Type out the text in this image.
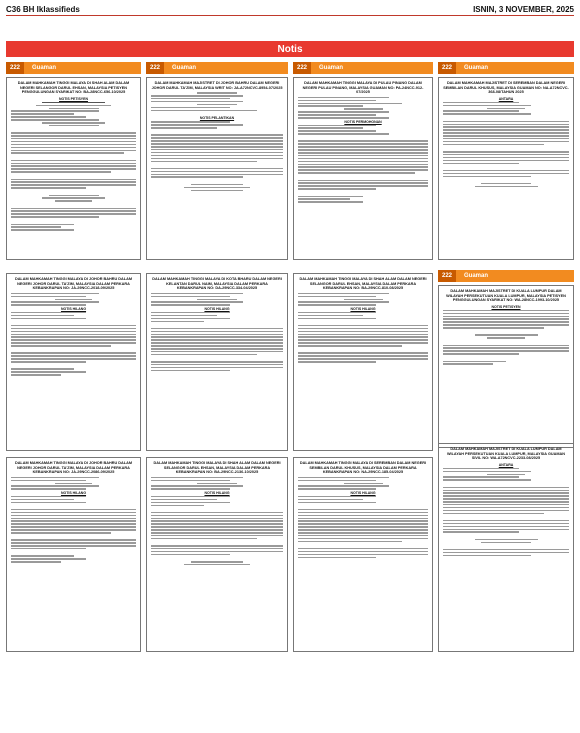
C36 BH Iklassifieds	ISNIN, 3 NOVEMBER, 2025
Notis
222	Guaman
DALAM MAHKAMAH TINGGI MALAYA DI SHAH ALAM DALAM NEGERI SELANGOR DARUL EHSAN, MALAYSIA PETISYEN PENGGULUNGAN SYARIKAT NO: BA-28NCC-656-10/2025
NOTIS PETISYEN
222	Guaman
DALAM MAHKAMAH MAJISTRET DI JOHOR BAHRU DALAM NEGERI JOHOR DARUL TA'ZIM, MALAYSIA WRIT NO: JA-A72NCVC-8954-07/2025
NOTIS PELANTIKAN
222	Guaman
DALAM MAHKAMAH TINGGI MALAYA DI PULAU PINANG DALAM NEGERI PULAU PINANG, MALAYSIA GUAMAN NO: PA-24NCC-912-07/2025
NOTIS PERMOHONAN
222	Guaman
DALAM MAHKAMAH MAJISTRET DI SEREMBAN DALAM NEGERI SEMBILAN DARUL KHUSUS, MALAYSIA GUAMAN NO: NA-A72NCVC-368-08/TAHUN 2025
ANTARA
DALAM MAHKAMAH TINGGI MALAYA DI JOHOR BAHRU DALAM NEGERI JOHOR DARUL TA'ZIM, MALAYSIA DALAM PERKARA KEBANKRAPAN NO: JA-29NCC-2018-09/2025
NOTIS HILANG
DALAM MAHKAMAH TINGGI MALAYA DI KOTA BHARU DALAM NEGERI KELANTAN DARUL NAIM, MALAYSIA DALAM PERKARA KEBANKRAPAN NO: DA-29NCC-334-04/2025
NOTIS HILANG
DALAM MAHKAMAH TINGGI MALAYA DI SHAH ALAM DALAM NEGERI SELANGOR DARUL EHSAN, MALAYSIA DALAM PERKARA KEBANKRAPAN NO: BA-29NCC-810-08/2025
NOTIS HILANG
222	Guaman
DALAM MAHKAMAH MAJISTRET DI KUALA LUMPUR DALAM WILAYAH PERSEKUTUAN KUALA LUMPUR, MALAYSIA PETISYEN PENGGULUNGAN SYARIKAT NO: WA-28NCC-1993-10/2025
NOTIS PETISYEN
DALAM MAHKAMAH TINGGI MALAYA DI JOHOR BAHRU DALAM NEGERI JOHOR DARUL TA'ZIM, MALAYSIA DALAM PERKARA KEBANKRAPAN NO: JA-29NCC-2086-09/2025
NOTIS HILANG
DALAM MAHKAMAH TINGGI MALAYA DI SHAH ALAM DALAM NEGERI SELANGOR DARUL EHSAN, MALAYSIA DALAM PERKARA KEBANKRAPAN NO: BA-29NCC-2136-10/2025
NOTIS HILANG
DALAM MAHKAMAH TINGGI MALAYA DI SEREMBAN DALAM NEGERI SEMBILAN DARUL KHUSUS, MALAYSIA DALAM PERKARA KEBANKRAPAN NO: NA-29NCC-185-04/2025
NOTIS HILANG
DALAM MAHKAMAH MAJISTRET DI KUALA LUMPUR DALAM WILAYAH PERSEKUTUAN KUALA LUMPUR, MALAYSIA GUAMAN SIVIL NO: WA-A72NCVC-2233-08/2025
ANTARA
